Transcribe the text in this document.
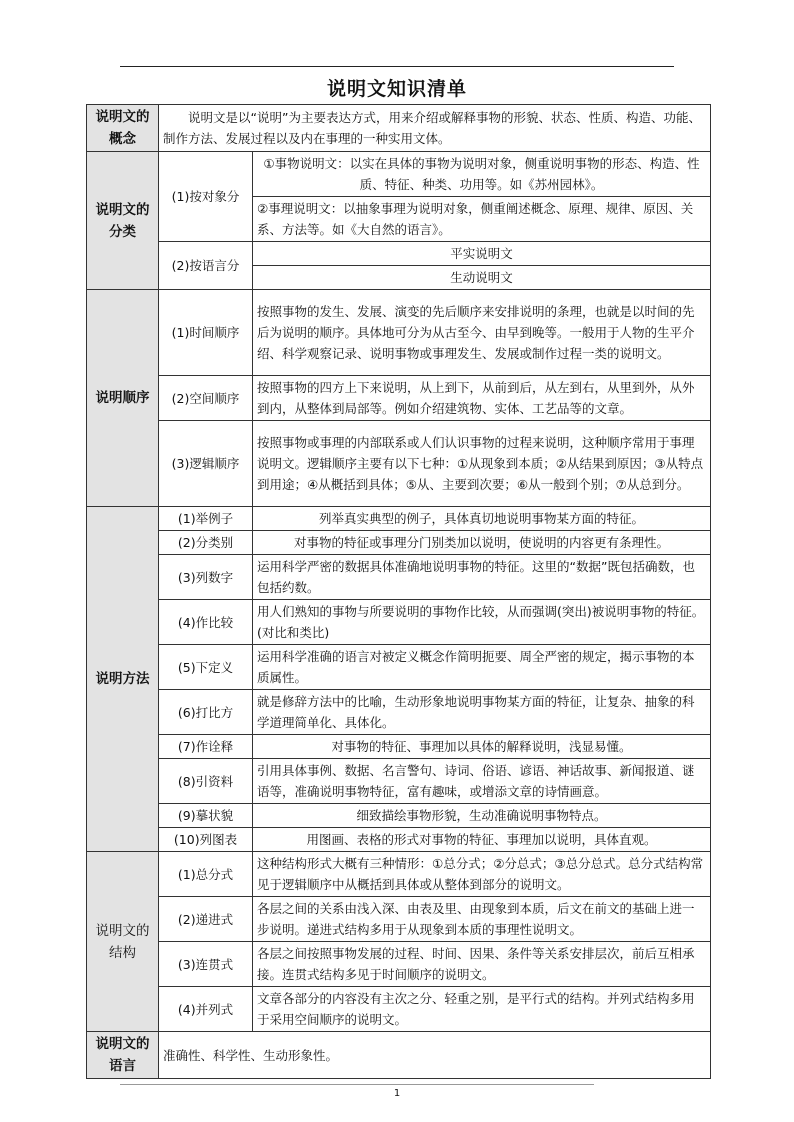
说明文知识清单
说明文的概念	说明文是以“说明”为主要表达方式，用来介绍或解释事物的形貌、状态、性质、构造、功能、制作方法、发展过程以及内在事理的一种实用文体。	
说明文的分类	(1)按对象分	①事物说明文：以实在具体的事物为说明对象，侧重说明事物的形态、构造、性质、特征、种类、功用等。如《苏州园林》。
		②事理说明文：以抽象事理为说明对象，侧重阐述概念、原理、规律、原因、关系、方法等。如《大自然的语言》。
	(2)按语言分	平实说明文
		生动说明文
说明顺序	(1)时间顺序	按照事物的发生、发展、演变的先后顺序来安排说明的条理，也就是以时间的先后为说明的顺序。具体地可分为从古至今、由早到晚等。一般用于人物的生平介绍、科学观察记录、说明事物或事理发生、发展或制作过程一类的说明文。
	(2)空间顺序	按照事物的四方上下来说明，从上到下，从前到后，从左到右，从里到外，从外到内，从整体到局部等。例如介绍建筑物、实体、工艺品等的文章。
	(3)逻辑顺序	按照事物或事理的内部联系或人们认识事物的过程来说明，这种顺序常用于事理说明文。逻辑顺序主要有以下七种：①从现象到本质；②从结果到原因；③从特点到用途；④从概括到具体；⑤从、主要到次要；⑥从一般到个别；⑦从总到分。
说明方法	(1)举例子	列举真实典型的例子，具体真切地说明事物某方面的特征。
	(2)分类别	对事物的特征或事理分门别类加以说明，使说明的内容更有条理性。
	(3)列数字	运用科学严密的数据具体准确地说明事物的特征。这里的“数据”既包括确数，也包括约数。
	(4)作比较	用人们熟知的事物与所要说明的事物作比较，从而强调(突出)被说明事物的特征。(对比和类比)
	(5)下定义	运用科学准确的语言对被定义概念作简明扼要、周全严密的规定，揭示事物的本质属性。
	(6)打比方	就是修辞方法中的比喻，生动形象地说明事物某方面的特征，让复杂、抽象的科学道理简单化、具体化。
	(7)作诠释	对事物的特征、事理加以具体的解释说明，浅显易懂。
	(8)引资料	引用具体事例、数据、名言警句、诗词、俗语、谚语、神话故事、新闻报道、谜语等，准确说明事物特征，富有趣味，或增添文章的诗情画意。
	(9)摹状貌	细致描绘事物形貌，生动准确说明事物特点。
	(10)列图表	用图画、表格的形式对事物的特征、事理加以说明，具体直观。
说明文的结构	(1)总分式	这种结构形式大概有三种情形：①总分式；②分总式；③总分总式。总分式结构常见于逻辑顺序中从概括到具体或从整体到部分的说明文。
	(2)递进式	各层之间的关系由浅入深、由表及里、由现象到本质，后文在前文的基础上进一步说明。递进式结构多用于从现象到本质的事理性说明文。
	(3)连贯式	各层之间按照事物发展的过程、时间、因果、条件等关系安排层次，前后互相承接。连贯式结构多见于时间顺序的说明文。
	(4)并列式	文章各部分的内容没有主次之分、轻重之别，是平行式的结构。并列式结构多用于采用空间顺序的说明文。
说明文的语言	准确性、科学性、生动形象性。	
1
